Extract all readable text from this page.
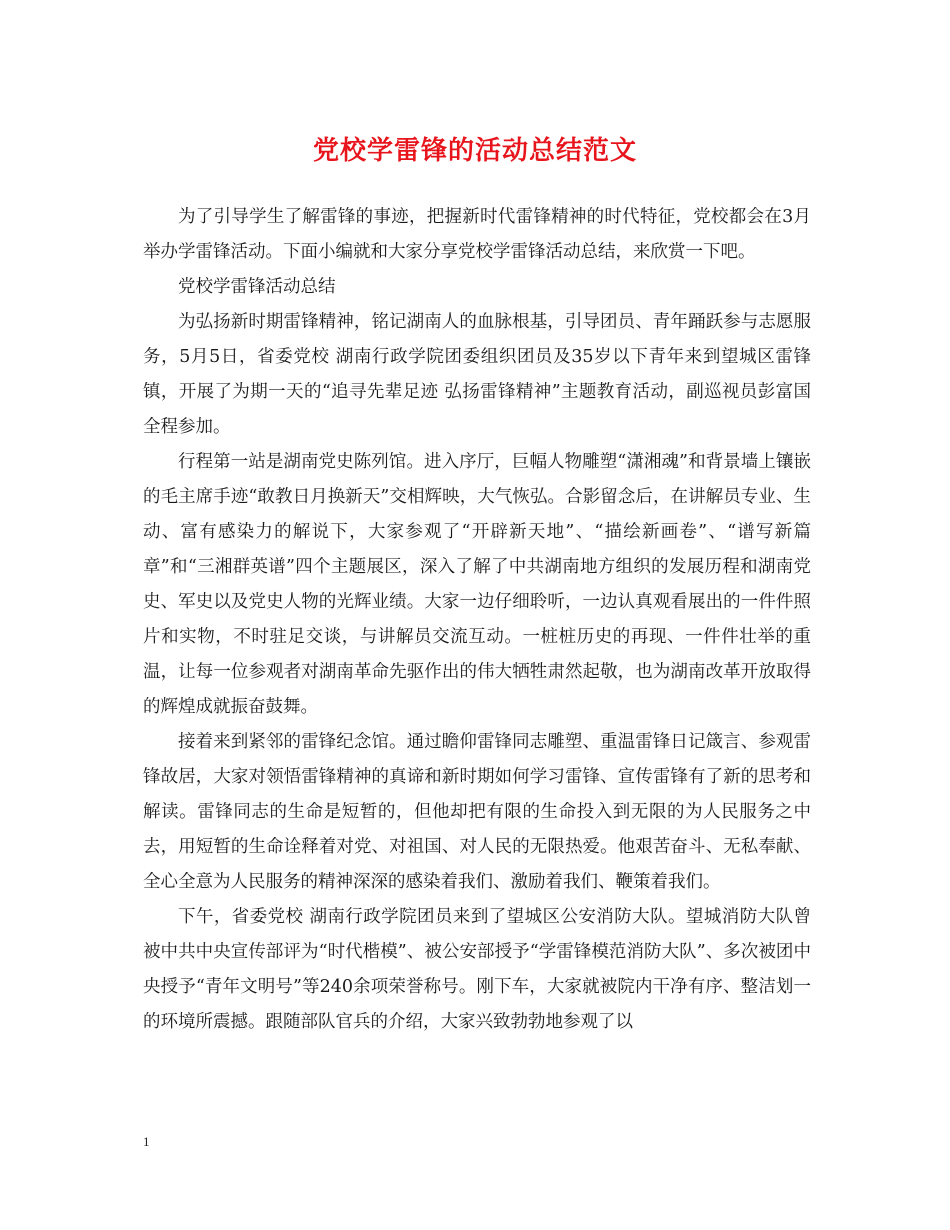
党校学雷锋的活动总结范文

为了引导学生了解雷锋的事迹，把握新时代雷锋精神的时代特征，党校都会在3月举办学雷锋活动。下面小编就和大家分享党校学雷锋活动总结，来欣赏一下吧。

党校学雷锋活动总结

为弘扬新时期雷锋精神，铭记湖南人的血脉根基，引导团员、青年踊跃参与志愿服务，5月5日，省委党校 湖南行政学院团委组织团员及35岁以下青年来到望城区雷锋镇，开展了为期一天的“追寻先辈足迹 弘扬雷锋精神”主题教育活动，副巡视员彭富国全程参加。

行程第一站是湖南党史陈列馆。进入序厅，巨幅人物雕塑“潇湘魂”和背景墙上镶嵌的毛主席手迹“敢教日月换新天”交相辉映，大气恢弘。合影留念后，在讲解员专业、生动、富有感染力的解说下，大家参观了“开辟新天地”、“描绘新画卷”、“谱写新篇章”和“三湘群英谱”四个主题展区，深入了解了中共湖南地方组织的发展历程和湖南党史、军史以及党史人物的光辉业绩。大家一边仔细聆听，一边认真观看展出的一件件照片和实物，不时驻足交谈，与讲解员交流互动。一桩桩历史的再现、一件件壮举的重温，让每一位参观者对湖南革命先驱作出的伟大牺牲肃然起敬，也为湖南改革开放取得的辉煌成就振奋鼓舞。

接着来到紧邻的雷锋纪念馆。通过瞻仰雷锋同志雕塑、重温雷锋日记箴言、参观雷锋故居，大家对领悟雷锋精神的真谛和新时期如何学习雷锋、宣传雷锋有了新的思考和解读。雷锋同志的生命是短暂的，但他却把有限的生命投入到无限的为人民服务之中去，用短暂的生命诠释着对党、对祖国、对人民的无限热爱。他艰苦奋斗、无私奉献、全心全意为人民服务的精神深深的感染着我们、激励着我们、鞭策着我们。

下午，省委党校 湖南行政学院团员来到了望城区公安消防大队。望城消防大队曾被中共中央宣传部评为“时代楷模”、被公安部授予“学雷锋模范消防大队”、多次被团中央授予“青年文明号”等240余项荣誉称号。刚下车，大家就被院内干净有序、整洁划一的环境所震撼。跟随部队官兵的介绍，大家兴致勃勃地参观了以

1
